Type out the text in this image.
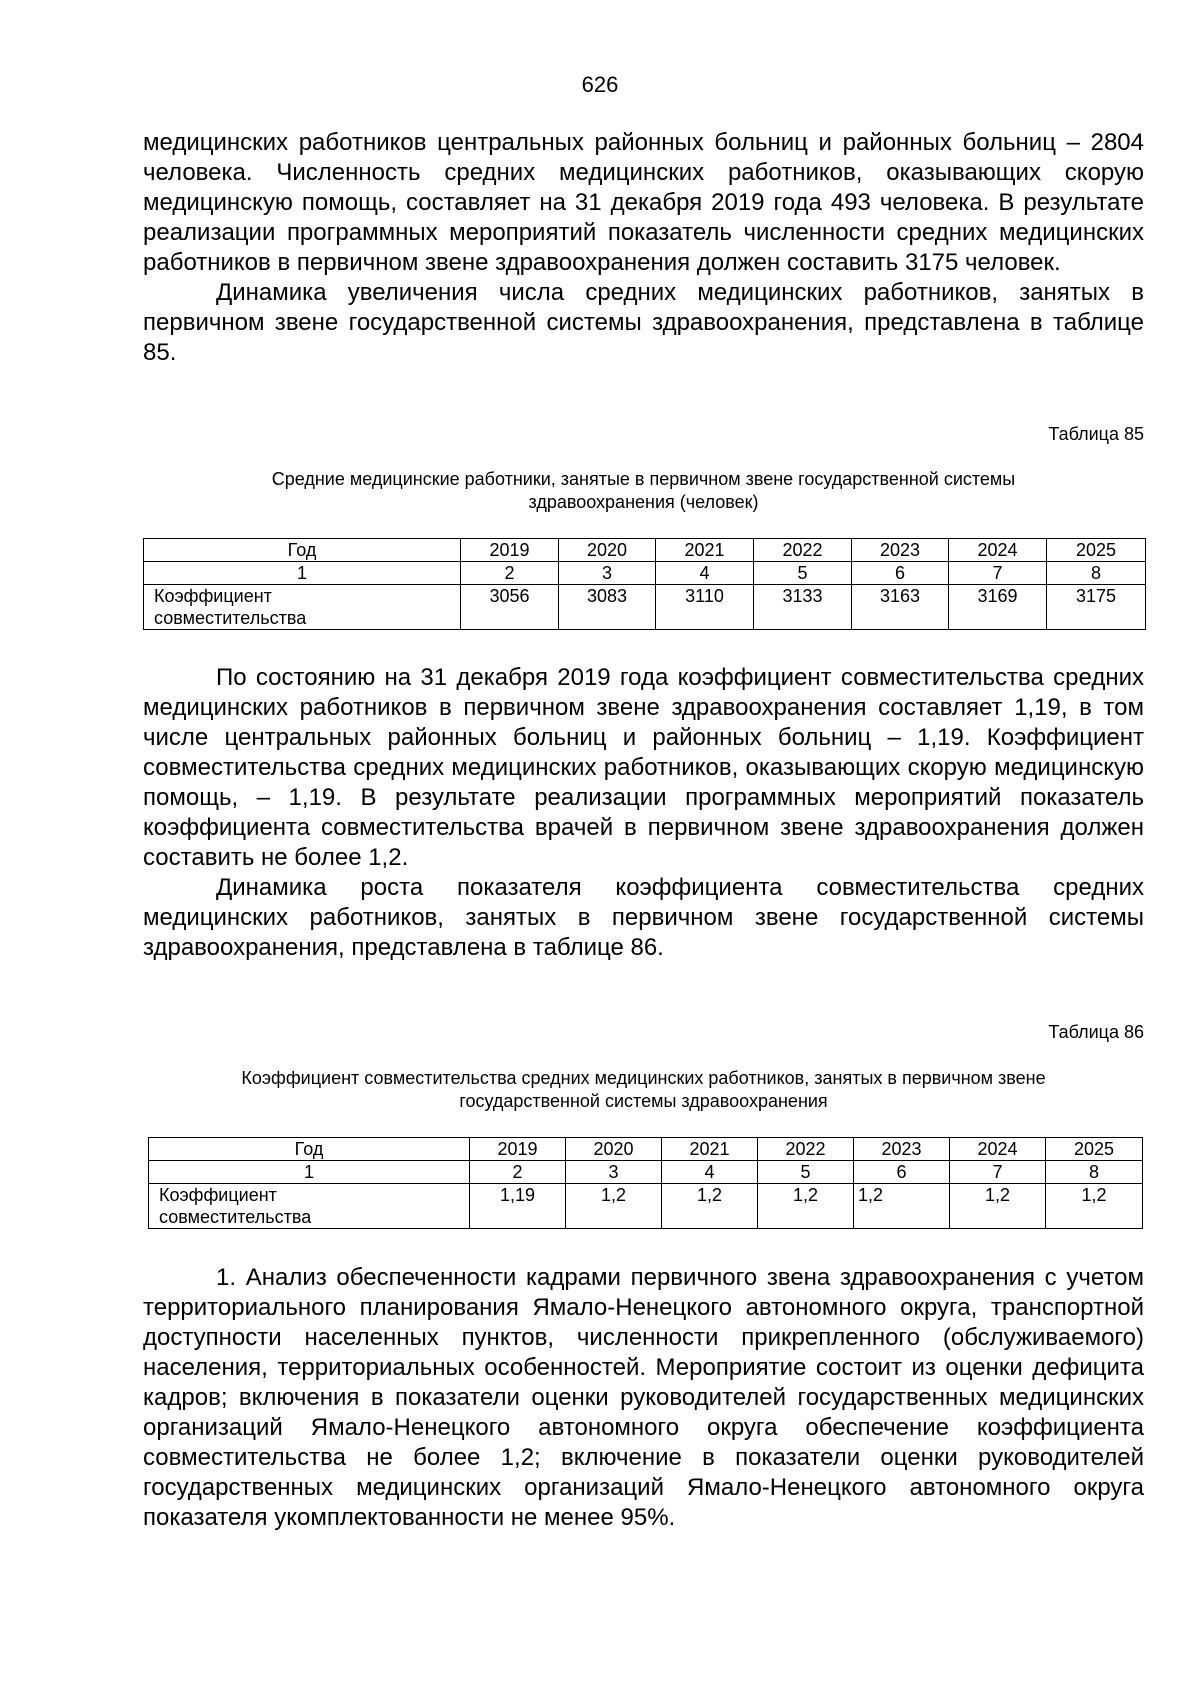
626

медицинских работников центральных районных больниц и районных больниц – 2804 человека. Численность средних медицинских работников, оказывающих скорую медицинскую помощь, составляет на 31 декабря 2019 года 493 человека. В результате реализации программных мероприятий показатель численности средних медицинских работников в первичном звене здравоохранения должен составить 3175 человек.

Динамика увеличения числа средних медицинских работников, занятых в первичном звене государственной системы здравоохранения, представлена в таблице 85.

Таблица 85
Средние медицинские работники, занятые в первичном звене государственной системы
здравоохранения (человек)
Год	2019	2020	2021	2022	2023	2024	2025
1	2	3	4	5	6	7	8

Коэффициент
совместительства	3056	3083	3110	3133	3163	3169	3175

По состоянию на 31 декабря 2019 года коэффициент совместительства средних медицинских работников в первичном звене здравоохранения составляет 1,19, в том числе центральных районных больниц и районных больниц – 1,19. Коэффициент совместительства средних медицинских работников, оказывающих скорую медицинскую помощь, – 1,19. В результате реализации программных мероприятий показатель коэффициента совместительства врачей в первичном звене здравоохранения должен составить не более 1,2.

Динамика роста показателя коэффициента совместительства средних медицинских работников, занятых в первичном звене государственной системы здравоохранения, представлена в таблице 86.

Таблица 86
Коэффициент совместительства средних медицинских работников, занятых в первичном звене
государственной системы здравоохранения
Год	2019	2020	2021	2022	2023	2024	2025
1	2	3	4	5	6	7	8

Коэффициент
совместительства	1,19	1,2	1,2	1,2	1,2	1,2	1,2

1. Анализ обеспеченности кадрами первичного звена здравоохранения с учетом территориального планирования Ямало-Ненецкого автономного округа, транспортной доступности населенных пунктов, численности прикрепленного (обслуживаемого) населения, территориальных особенностей. Мероприятие состоит из оценки дефицита кадров; включения в показатели оценки руководителей государственных медицинских организаций Ямало-Ненецкого автономного округа обеспечение коэффициента совместительства не более 1,2; включение в показатели оценки руководителей государственных медицинских организаций Ямало-Ненецкого автономного округа показателя укомплектованности не менее 95%.
